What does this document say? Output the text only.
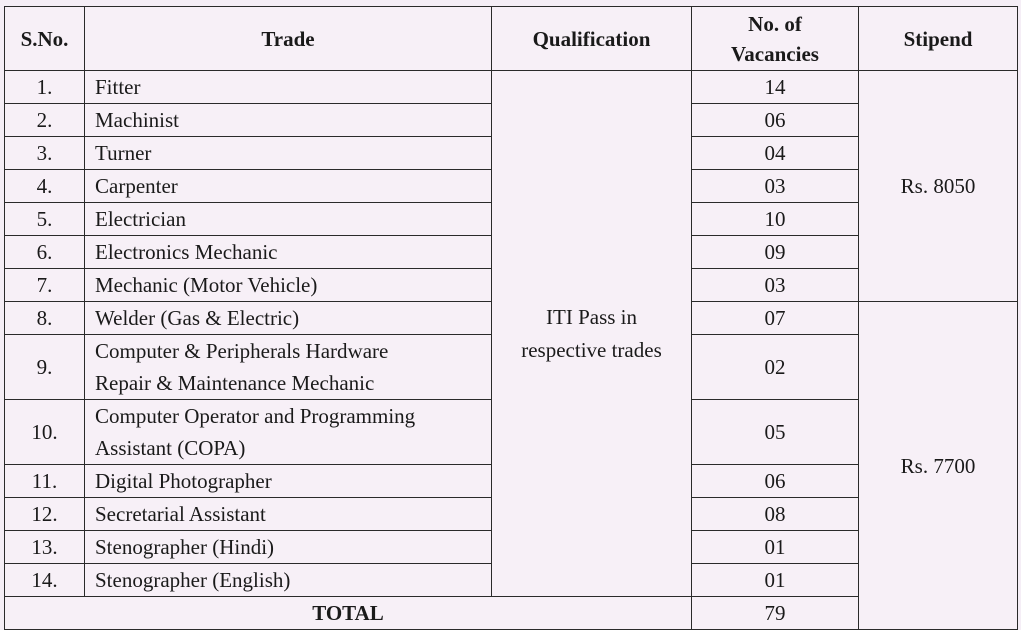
S.No.	Trade	Qualification	No. of
Vacancies	Stipend	
1.	Fitter	ITI Pass in
respective trades	14	Rs. 8050	
2.	Machinist		06		
3.	Turner		04		
4.	Carpenter		03		
5.	Electrician		10		
6.	Electronics Mechanic		09		
7.	Mechanic (Motor Vehicle)		03		
8.	Welder (Gas & Electric)		07	Rs. 7700	
9.	Computer & Peripherals Hardware
Repair & Maintenance Mechanic		02		
10.	Computer Operator and Programming
Assistant (COPA)		05		
11.	Digital Photographer		06		
12.	Secretarial Assistant		08		
13.	Stenographer (Hindi)		01		
14.	Stenographer (English)		01		
TOTAL			79		
